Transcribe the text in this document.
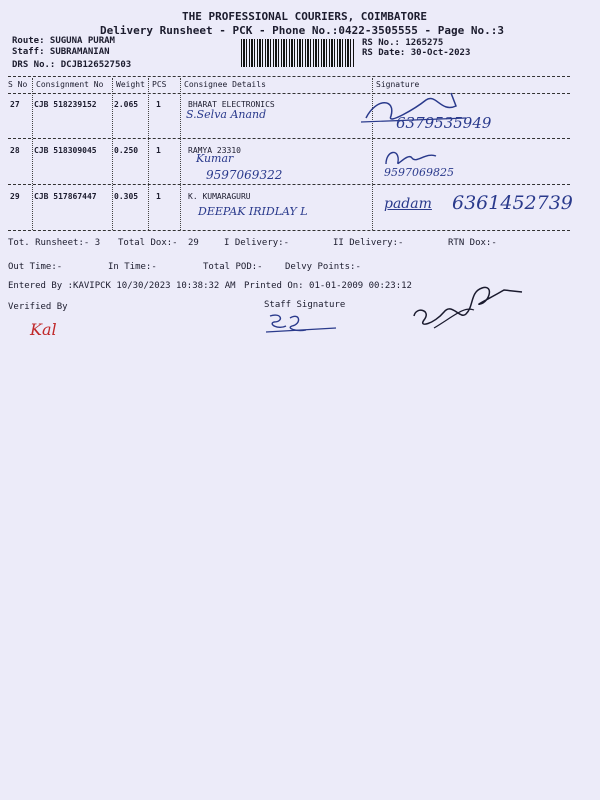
THE PROFESSIONAL COURIERS, COIMBATORE
Delivery Runsheet - PCK - Phone No.:0422-3505555 - Page No.:3
Route: SUGUNA PURAM
Staff: SUBRAMANIAN
DRS No.: DCJB126527503
RS No.: 1265275
RS Date: 30-Oct-2023
S No Consignment No Weight PCS Consignee Details	Signature
27 CJB 518239152 2.065 1	BHARAT ELECTRONICS
S.Selva Anand	6379535949
28 CJB 518309045 0.250 1	RAMYA 23310
Kumar
9597069322	9597069825
29 CJB 517867447 0.305 1	K. KUMARAGURU
DEEPAK IRIDLAY L	padam 6361452739
Tot. Runsheet:- 3 Total Dox:- 29	I Delivery:-	II Delivery:-	RTN Dox:-
Out Time:-	In Time:-	Total POD:- Delvy Points:-
Entered By :KAVIPCK 10/30/2023 10:38:32 AM Printed On: 01-01-2009 00:23:12
Verified By	Staff Signature
Kal
